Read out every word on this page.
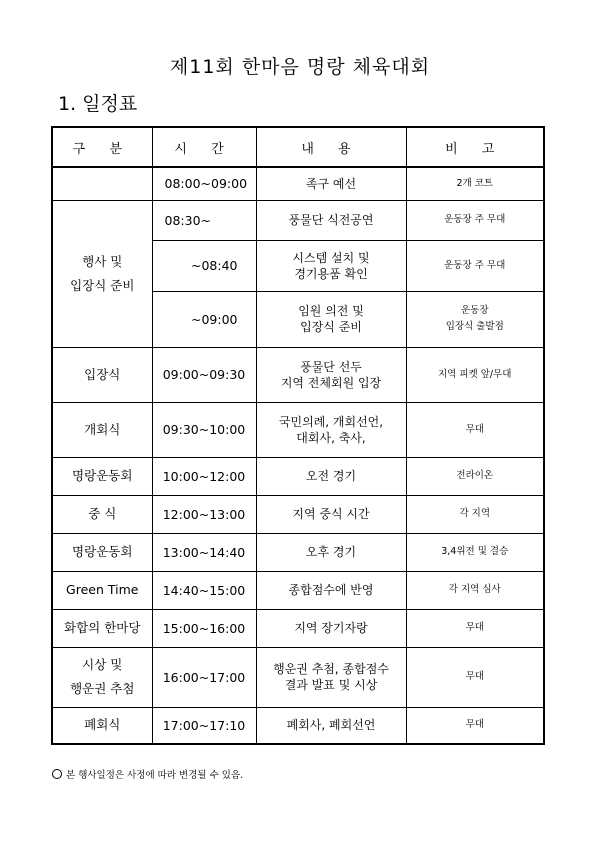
제11회 한마음 명랑 체육대회
1. 일정표
구 분	시 간	내 용	비 고
	08:00~09:00	족구 예선	2개 코트
행사 및
입장식 준비	08:30~	풍물단 식전공연	운동장 주 무대
	~08:40	시스템 설치 및
경기용품 확인	운동장 주 무대
	~09:00	임원 의전 및
입장식 준비	운동장
입장식 출발점
입장식	09:00~09:30	풍물단 선두
지역 전체회원 입장	지역 피켓 앞/무대
개회식	09:30~10:00	국민의례, 개회선언,
대회사, 축사,	무대
명랑운동회	10:00~12:00	오전 경기	전라이온
중 식	12:00~13:00	지역 중식 시간	각 지역
명랑운동회	13:00~14:40	오후 경기	3,4위전 및 결승
Green Time	14:40~15:00	종합점수에 반영	각 지역 심사
화합의 한마당	15:00~16:00	지역 장기자랑	무대
시상 및
행운권 추첨	16:00~17:00	행운권 추첨, 종합점수
결과 발표 및 시상	무대
폐회식	17:00~17:10	폐회사, 폐회선언	무대
본 행사일정은 사정에 따라 변경될 수 있음.
